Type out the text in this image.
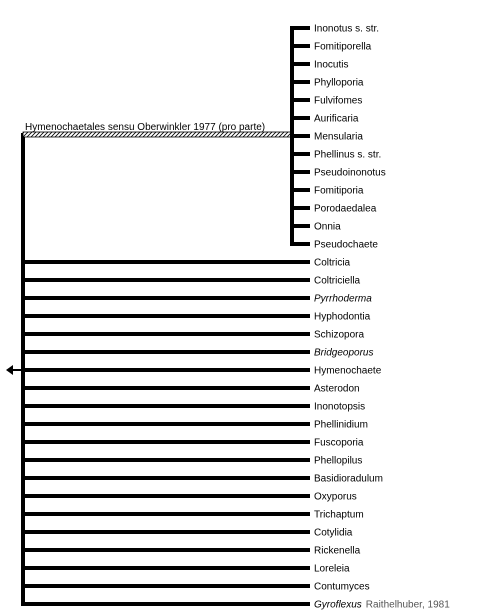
Hymenochaetales sensu Oberwinkler 1977 (pro parte)
Inonotus s. str.
Fomitiporella
Inocutis
Phylloporia
Fulvifomes
Aurificaria
Mensularia
Phellinus s. str.
Pseudoinonotus
Fomitiporia
Porodaedalea
Onnia
Pseudochaete
Coltricia
Coltriciella
Pyrrhoderma
Hyphodontia
Schizopora
Bridgeoporus
Hymenochaete
Asterodon
Inonotopsis
Phellinidium
Fuscoporia
Phellopilus
Basidioradulum
Oxyporus
Trichaptum
Cotylidia
Rickenella
Loreleia
Contumyces
Gyroflexus Raithelhuber, 1981
